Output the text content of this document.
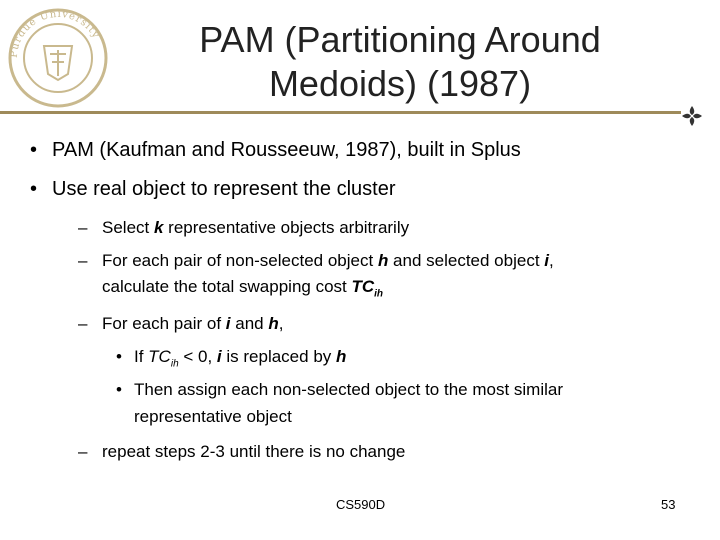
Purdue University	PAM (Partitioning Around
Medoids) (1987)
• PAM (Kaufman and Rousseeuw, 1987), built in Splus
• Use real object to represent the cluster
– Select k representative objects arbitrarily
– For each pair of non-selected object h and selected object i,
calculate the total swapping cost $TC_{ih}$
– For each pair of i and h,
• If $TC_{ih} < 0$, i is replaced by h
• Then assign each non-selected object to the most similar
representative object
– repeat steps 2-3 until there is no change
CS590D	53
